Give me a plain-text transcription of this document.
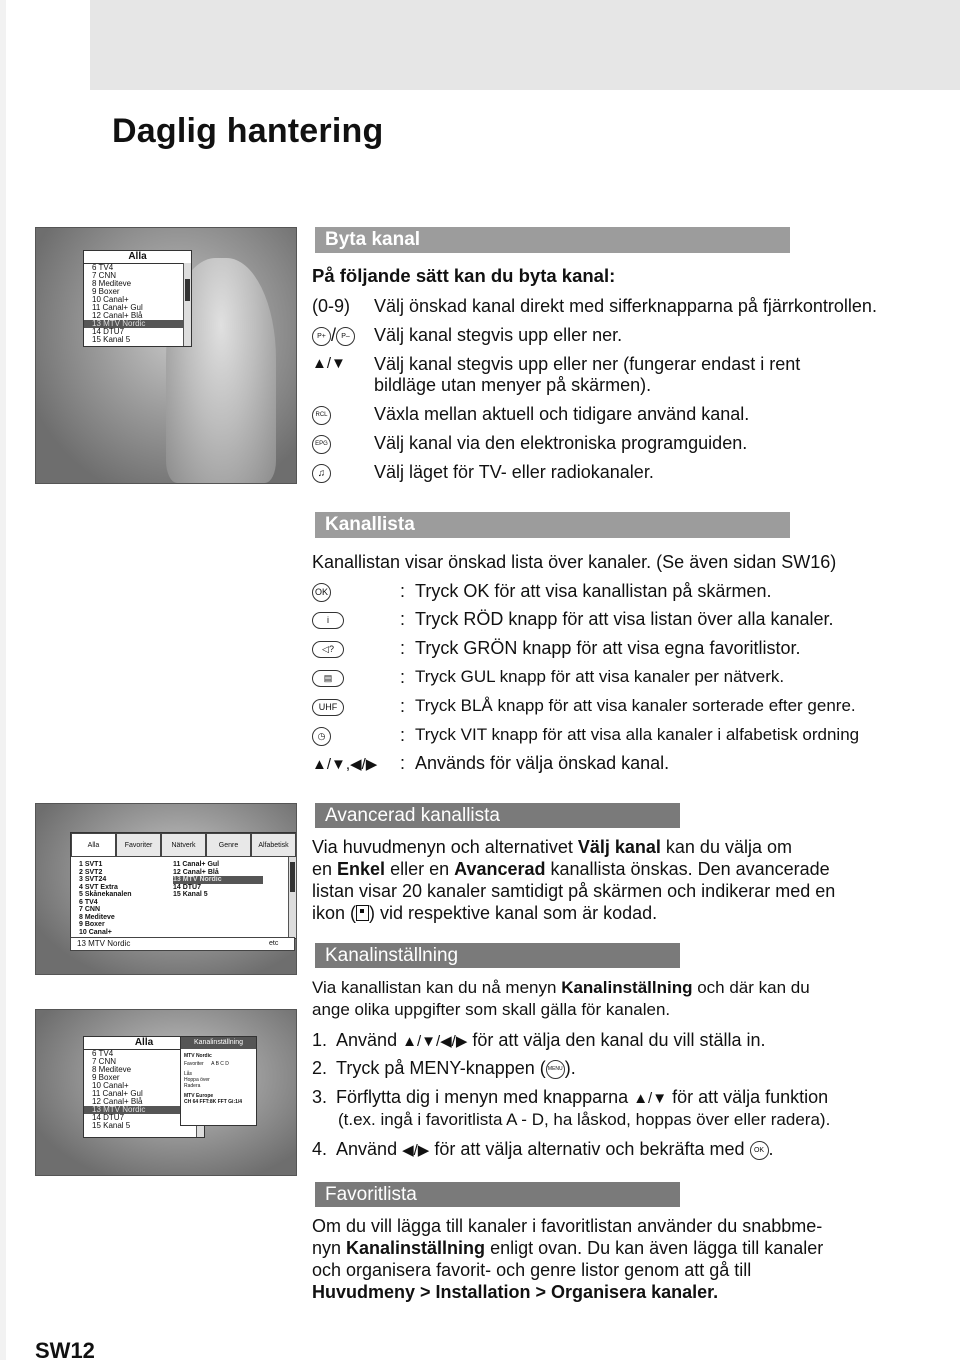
Daglig hantering
Alla
6 TV4
7 CNN
8 Mediteve
9 Boxer
10 Canal+
11 Canal+ Gul
12 Canal+ Blå
13 MTV Nordic
14 DTU7
15 Kanal 5
Byta kanal
På följande sätt kan du byta kanal:
(0-9) Välj önskad kanal direkt med sifferknapparna på fjärrkontrollen.
P+ / P– Välj kanal stegvis upp eller ner.
▲/▼ Välj kanal stegvis upp eller ner (fungerar endast i rent
bildläge utan menyer på skärmen).
RCL	Växla mellan aktuell och tidigare använd kanal.
EPG	Välj kanal via den elektroniska programguiden.
♫	Välj läget för TV- eller radiokanaler.
Kanallista
Kanallistan visar önskad lista över kanaler. (Se även sidan SW16)
OK	: Tryck OK för att visa kanallistan på skärmen.
i	: Tryck RÖD knapp för att visa listan över alla kanaler.
◁?	: Tryck GRÖN knapp för att visa egna favoritlistor.
▤	: Tryck GUL knapp för att visa kanaler per nätverk.
UHF	: Tryck BLÅ knapp för att visa kanaler sorterade efter genre.
◷	: Tryck VIT knapp för att visa alla kanaler i alfabetisk ordning
▲/▼,◀/▶ : Används för välja önskad kanal.
Alla	Favoriter	Nätverk	Genre	Alfabetisk
1 SVT1
2 SVT2
3 SVT24
4 SVT Extra
5 Skånekanalen
6 TV4
7 CNN
8 Mediteve
9 Boxer
10 Canal+
11 Canal+ Gul
12 Canal+ Blå
13 MTV Nordic
14 DTU7
15 Kanal 5
13 MTV Nordic	etc
Alla
6 TV4
7 CNN
8 Mediteve
9 Boxer
10 Canal+
11 Canal+ Gul
12 Canal+ Blå
13 MTV Nordic
14 DTU7
15 Kanal 5
Kanalinställning
MTV Nordic
Favoriter A B C D
Lås
Hoppa över
Radera
MTV Europe
CH 64 FFT:8K FFT Gi:1/4
Avancerad kanallista
Via huvudmenyn och alternativet Välj kanal kan du välja om
en Enkel eller en Avancerad kanallista önskas. Den avancerade
listan visar 20 kanaler samtidigt på skärmen och indikerar med en
ikon ( ) vid respektive kanal som är kodad.
Kanalinställning
Via kanallistan kan du nå menyn Kanalinställning och där kan du
ange olika uppgifter som skall gälla för kanalen.
1. Använd ▲/▼/◀/▶ för att välja den kanal du vill ställa in.
2. Tryck på MENY-knappen ( MENU ).
3. Förflytta dig i menyn med knapparna ▲/▼ för att välja funktion
(t.ex. ingå i favoritlista A - D, ha låskod, hoppas över eller radera).
4. Använd ◀/▶ för att välja alternativ och bekräfta med OK .
Favoritlista
Om du vill lägga till kanaler i favoritlistan använder du snabbme-
nyn Kanalinställning enligt ovan. Du kan även lägga till kanaler
och organisera favorit- och genre listor genom att gå till
Huvudmeny > Installation > Organisera kanaler.
SW12
